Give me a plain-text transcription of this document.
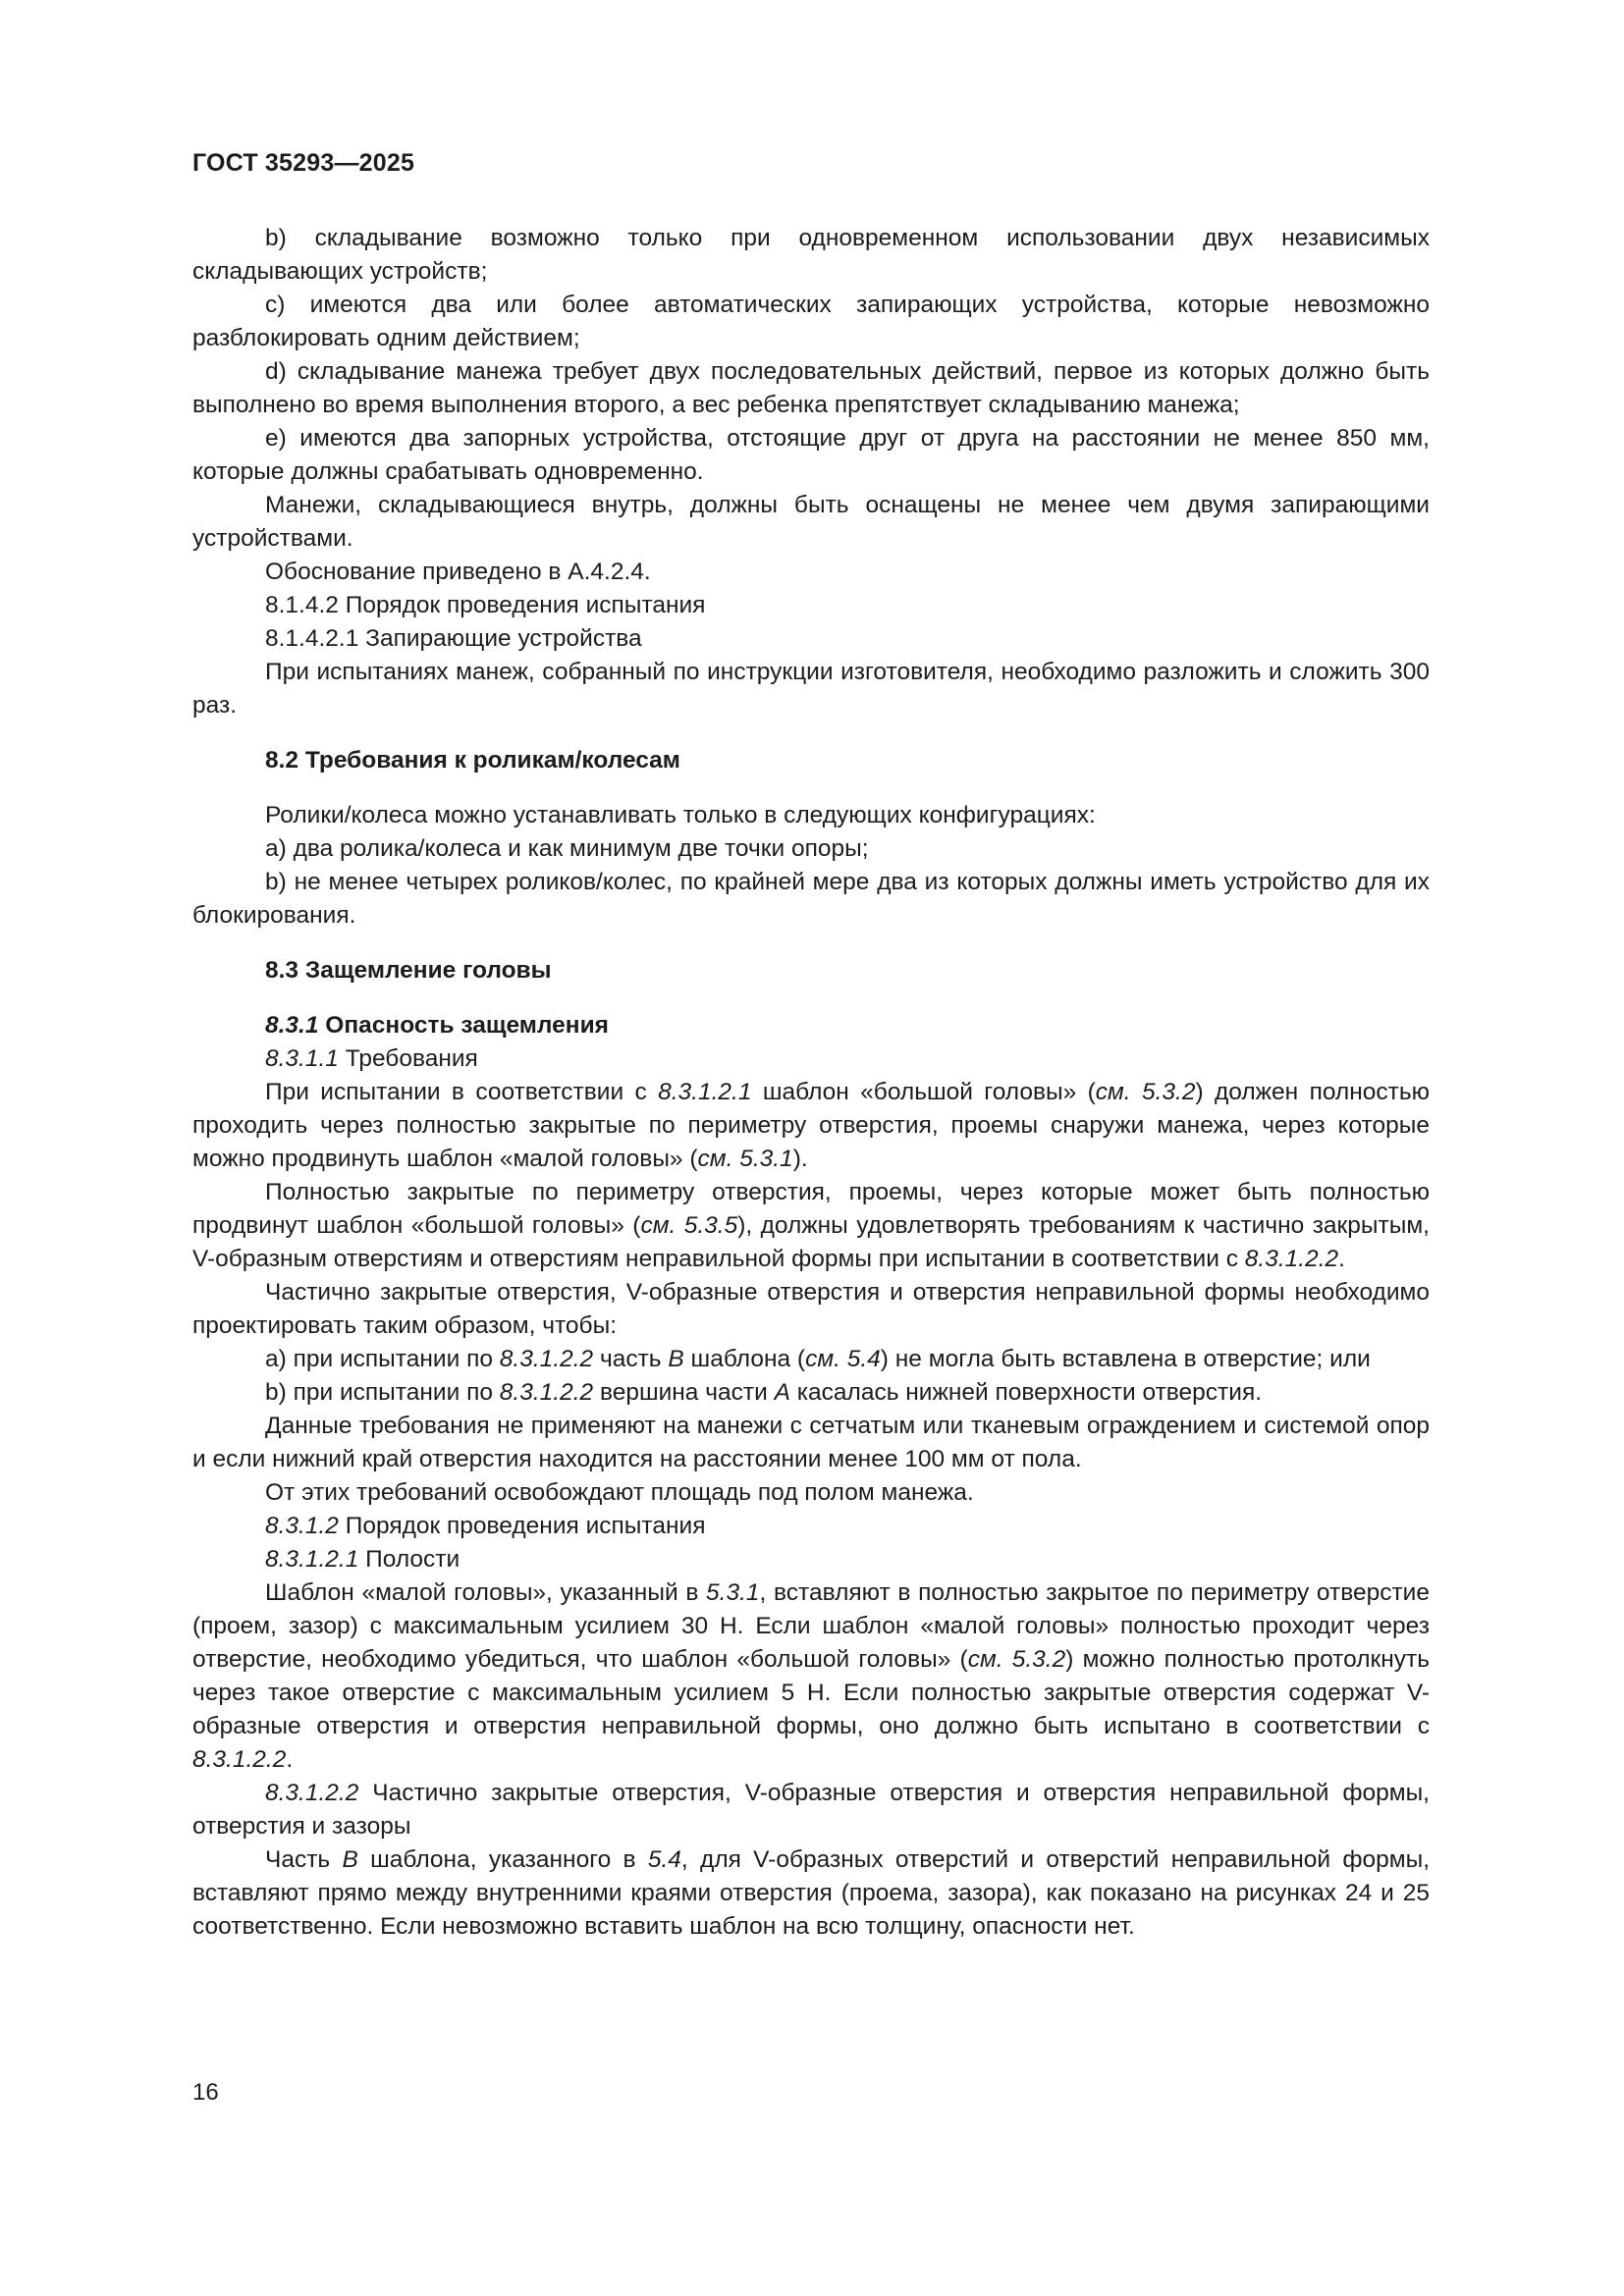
ГОСТ 35293—2025

b) складывание возможно только при одновременном использовании двух независимых складывающих устройств;

c) имеются два или более автоматических запирающих устройства, которые невозможно разблокировать одним действием;

d) складывание манежа требует двух последовательных действий, первое из которых должно быть выполнено во время выполнения второго, а вес ребенка препятствует складыванию манежа;

e) имеются два запорных устройства, отстоящие друг от друга на расстоянии не менее 850 мм, которые должны срабатывать одновременно.

Манежи, складывающиеся внутрь, должны быть оснащены не менее чем двумя запирающими устройствами.

Обоснование приведено в А.4.2.4.

8.1.4.2 Порядок проведения испытания

8.1.4.2.1 Запирающие устройства

При испытаниях манеж, собранный по инструкции изготовителя, необходимо разложить и сложить 300 раз.

8.2 Требования к роликам/колесам

Ролики/колеса можно устанавливать только в следующих конфигурациях:

a) два ролика/колеса и как минимум две точки опоры;

b) не менее четырех роликов/колес, по крайней мере два из которых должны иметь устройство для их блокирования.

8.3 Защемление головы

8.3.1 Опасность защемления

8.3.1.1 Требования

При испытании в соответствии с 8.3.1.2.1 шаблон «большой головы» (см. 5.3.2) должен полностью проходить через полностью закрытые по периметру отверстия, проемы снаружи манежа, через которые можно продвинуть шаблон «малой головы» (см. 5.3.1).

Полностью закрытые по периметру отверстия, проемы, через которые может быть полностью продвинут шаблон «большой головы» (см. 5.3.5), должны удовлетворять требованиям к частично закрытым, V-образным отверстиям и отверстиям неправильной формы при испытании в соответствии с 8.3.1.2.2.

Частично закрытые отверстия, V-образные отверстия и отверстия неправильной формы необходимо проектировать таким образом, чтобы:

a) при испытании по 8.3.1.2.2 часть B шаблона (см. 5.4) не могла быть вставлена в отверстие; или

b) при испытании по 8.3.1.2.2 вершина части А касалась нижней поверхности отверстия.

Данные требования не применяют на манежи с сетчатым или тканевым ограждением и системой опор и если нижний край отверстия находится на расстоянии менее 100 мм от пола.

От этих требований освобождают площадь под полом манежа.

8.3.1.2 Порядок проведения испытания

8.3.1.2.1 Полости

Шаблон «малой головы», указанный в 5.3.1, вставляют в полностью закрытое по периметру отверстие (проем, зазор) с максимальным усилием 30 Н. Если шаблон «малой головы» полностью проходит через отверстие, необходимо убедиться, что шаблон «большой головы» (см. 5.3.2) можно полностью протолкнуть через такое отверстие с максимальным усилием 5 Н. Если полностью закрытые отверстия содержат V-образные отверстия и отверстия неправильной формы, оно должно быть испытано в соответствии с 8.3.1.2.2.

8.3.1.2.2 Частично закрытые отверстия, V-образные отверстия и отверстия неправильной формы, отверстия и зазоры

Часть B шаблона, указанного в 5.4, для V-образных отверстий и отверстий неправильной формы, вставляют прямо между внутренними краями отверстия (проема, зазора), как показано на рисунках 24 и 25 соответственно. Если невозможно вставить шаблон на всю толщину, опасности нет.

16
